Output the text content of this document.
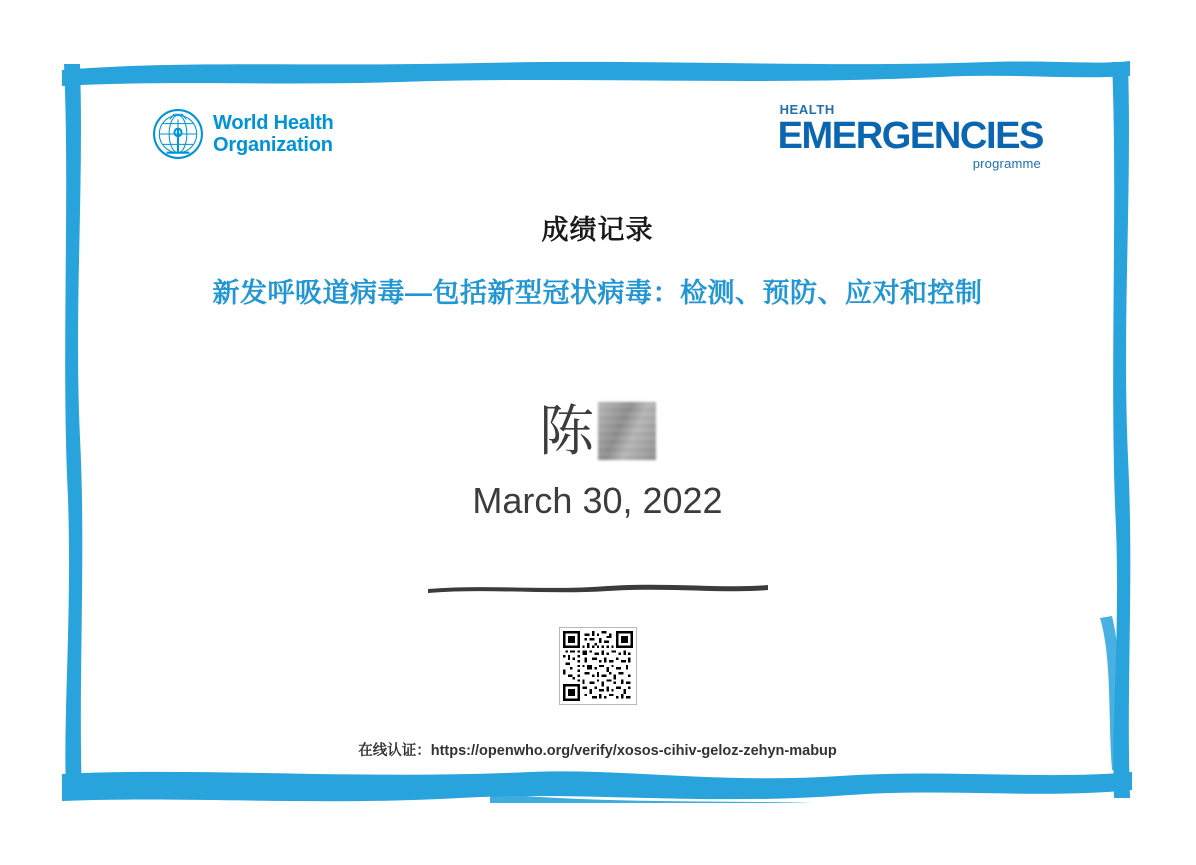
World Health
Organization
HEALTH
EMERGENCIES
programme
成绩记录
新发呼吸道病毒—包括新型冠状病毒：检测、预防、应对和控制
陈
March 30, 2022
在线认证：https://openwho.org/verify/xosos-cihiv-geloz-zehyn-mabup
